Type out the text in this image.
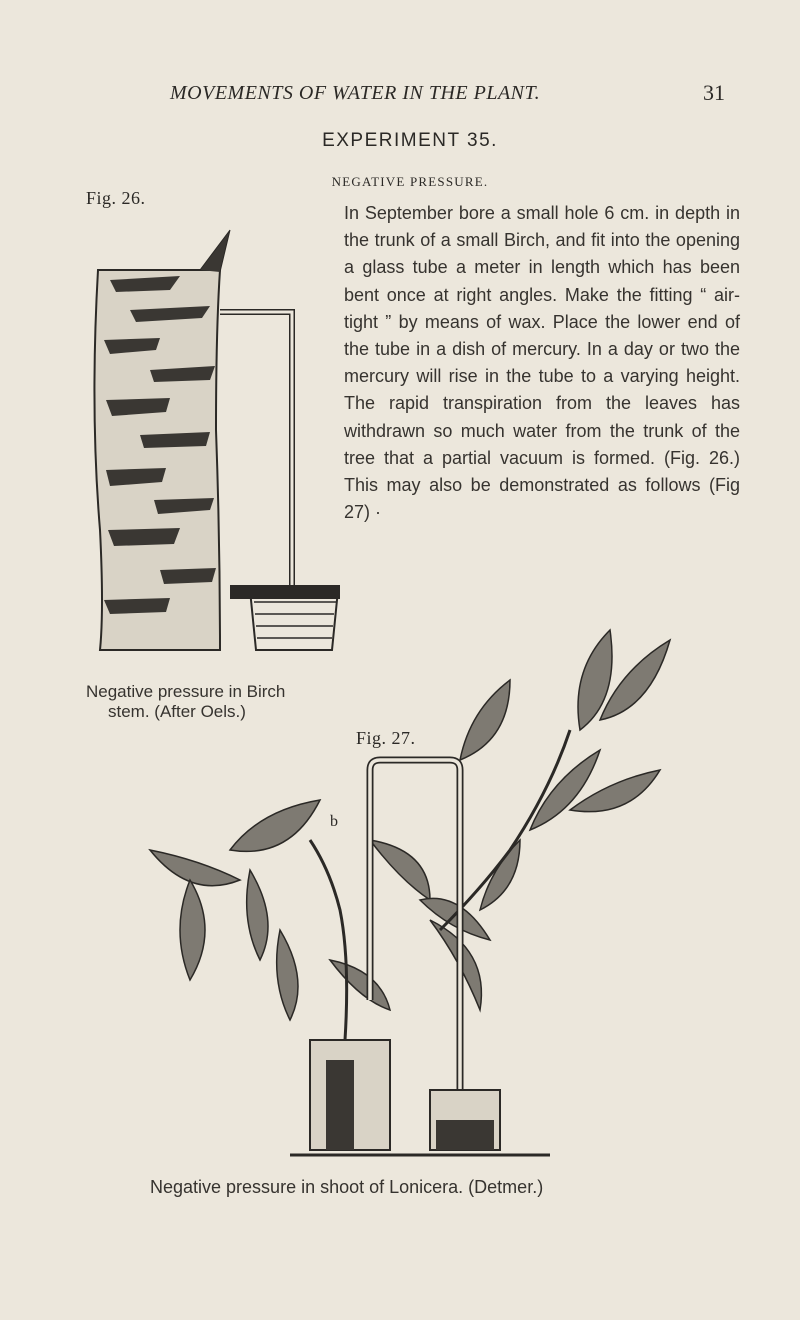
MOVEMENTS OF WATER IN THE PLANT.	31
EXPERIMENT 35.
NEGATIVE PRESSURE.
Fig. 26.
In September bore a small hole 6 cm. in depth in the trunk of a small Birch, and fit into the opening a glass tube a meter in length which has been bent once at right angles. Make the fitting “ air-tight ” by means of wax. Place the lower end of the tube in a dish of mercury. In a day or two the mercury will rise in the tube to a varying height. The rapid transpiration from the leaves has withdrawn so much water from the trunk of the tree that a partial vacuum is formed. (Fig. 26.) This may also be demonstrated as follows (Fig 27) ·
Negative pressure in Birch
stem. (After Oels.)
Fig. 27.
b
Negative pressure in shoot of Lonicera. (Detmer.)
